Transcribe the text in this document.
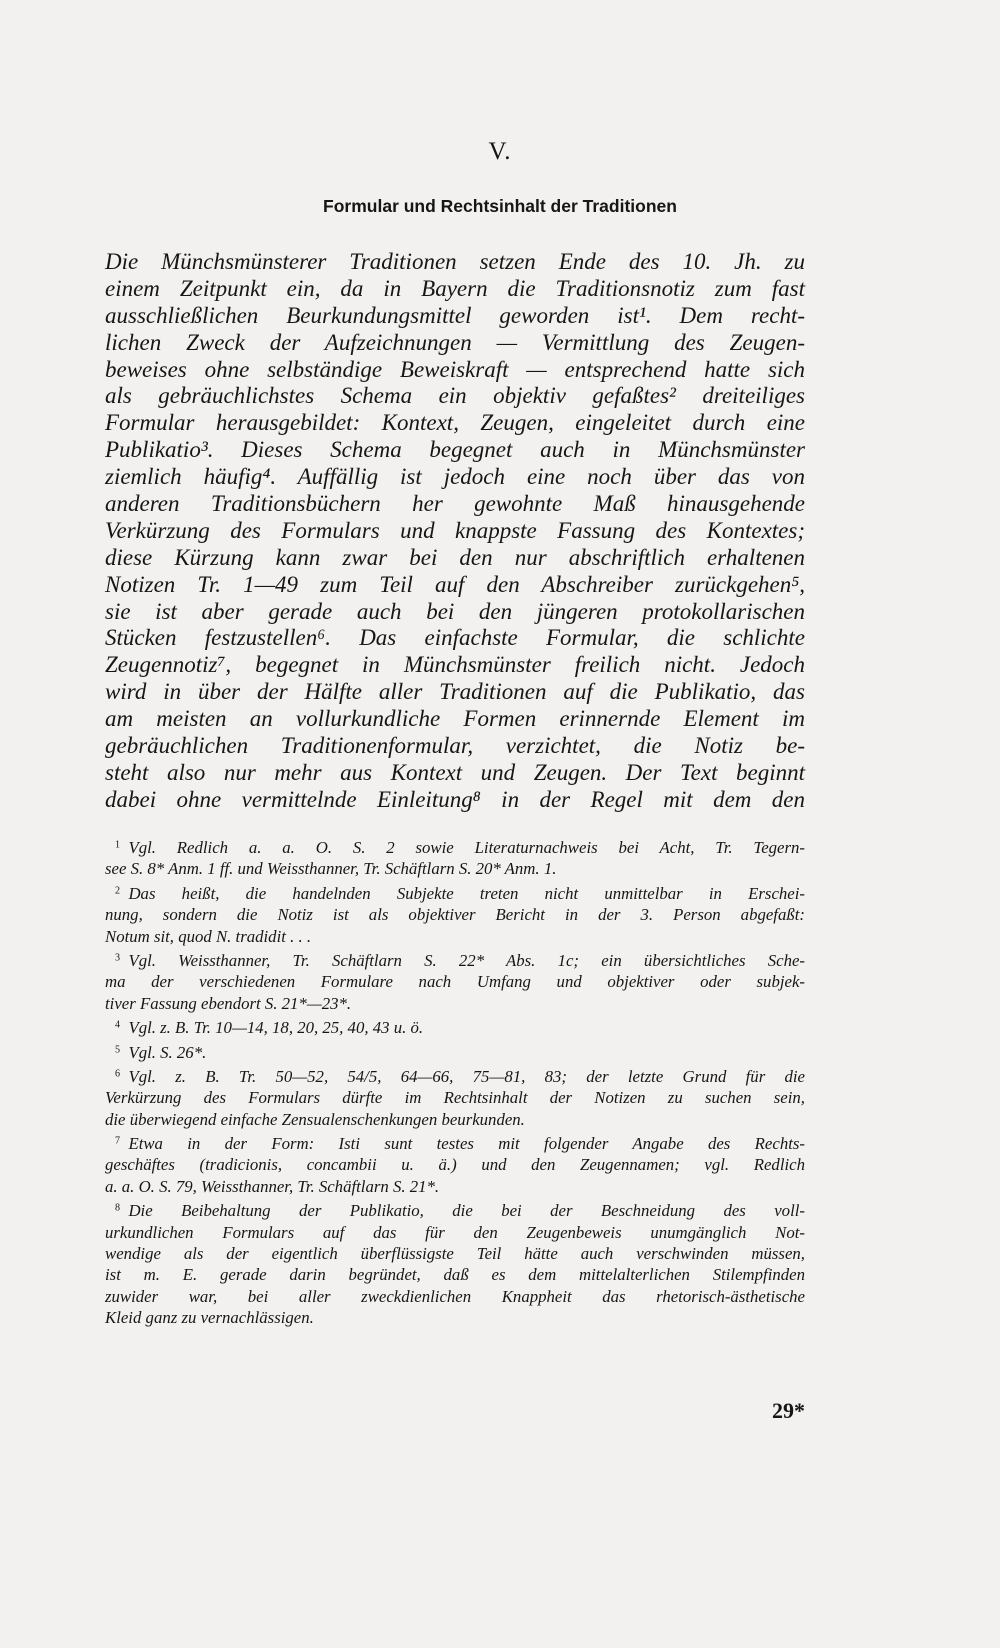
V.
Formular und Rechtsinhalt der Traditionen
Die Münchsmünsterer Traditionen setzen Ende des 10. Jh. zu
einem Zeitpunkt ein, da in Bayern die Traditionsnotiz zum fast
ausschließlichen Beurkundungsmittel geworden ist¹. Dem recht-
lichen Zweck der Aufzeichnungen — Vermittlung des Zeugen-
beweises ohne selbständige Beweiskraft — entsprechend hatte sich
als gebräuchlichstes Schema ein objektiv gefaßtes² dreiteiliges
Formular herausgebildet: Kontext, Zeugen, eingeleitet durch eine
Publikatio³. Dieses Schema begegnet auch in Münchsmünster
ziemlich häufig⁴. Auffällig ist jedoch eine noch über das von
anderen Traditionsbüchern her gewohnte Maß hinausgehende
Verkürzung des Formulars und knappste Fassung des Kontextes;
diese Kürzung kann zwar bei den nur abschriftlich erhaltenen
Notizen Tr. 1—49 zum Teil auf den Abschreiber zurückgehen⁵,
sie ist aber gerade auch bei den jüngeren protokollarischen
Stücken festzustellen⁶. Das einfachste Formular, die schlichte
Zeugennotiz⁷, begegnet in Münchsmünster freilich nicht. Jedoch
wird in über der Hälfte aller Traditionen auf die Publikatio, das
am meisten an vollurkundliche Formen erinnernde Element im
gebräuchlichen Traditionenformular, verzichtet, die Notiz be-
steht also nur mehr aus Kontext und Zeugen. Der Text beginnt
dabei ohne vermittelnde Einleitung⁸ in der Regel mit dem den
$^1$  Vgl. Redlich a. a. O. S. 2 sowie Literaturnachweis bei Acht, Tr. Tegern-
see S. 8* Anm. 1 ff. und Weissthanner, Tr. Schäftlarn S. 20* Anm. 1.
$^2$  Das heißt, die handelnden Subjekte treten nicht unmittelbar in Erschei-
nung, sondern die Notiz ist als objektiver Bericht in der 3. Person abgefaßt:
Notum sit, quod N. tradidit . . .
$^3$  Vgl. Weissthanner, Tr. Schäftlarn S. 22* Abs. 1c; ein übersichtliches Sche-
ma der verschiedenen Formulare nach Umfang und objektiver oder subjek-
tiver Fassung ebendort S. 21*—23*.
$^4$  Vgl. z. B. Tr. 10—14, 18, 20, 25, 40, 43 u. ö.
$^5$  Vgl. S. 26*.
$^6$  Vgl. z. B. Tr. 50—52, 54/5, 64—66, 75—81, 83; der letzte Grund für die
Verkürzung des Formulars dürfte im Rechtsinhalt der Notizen zu suchen sein,
die überwiegend einfache Zensualenschenkungen beurkunden.
$^7$  Etwa in der Form: Isti sunt testes mit folgender Angabe des Rechts-
geschäftes (tradicionis, concambii u. ä.) und den Zeugennamen; vgl. Redlich
a. a. O. S. 79, Weissthanner, Tr. Schäftlarn S. 21*.
$^8$  Die Beibehaltung der Publikatio, die bei der Beschneidung des voll-
urkundlichen Formulars auf das für den Zeugenbeweis unumgänglich Not-
wendige als der eigentlich überflüssigste Teil hätte auch verschwinden müssen,
ist m. E. gerade darin begründet, daß es dem mittelalterlichen Stilempfinden
zuwider war, bei aller zweckdienlichen Knappheit das rhetorisch-ästhetische
Kleid ganz zu vernachlässigen.
29*
